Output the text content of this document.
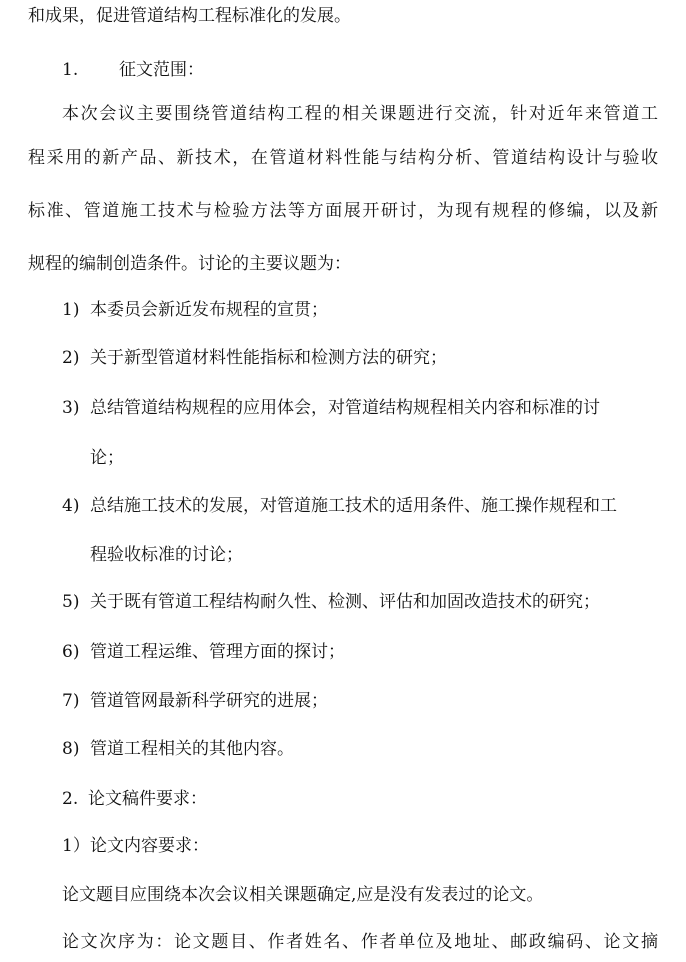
和成果，促进管道结构工程标准化的发展。
1. 征文范围：
本次会议主要围绕管道结构工程的相关课题进行交流，针对近年来管道工
程采用的新产品、新技术，在管道材料性能与结构分析、管道结构设计与验收
标准、管道施工技术与检验方法等方面展开研讨，为现有规程的修编，以及新
规程的编制创造条件。讨论的主要议题为：
1) 本委员会新近发布规程的宣贯；
2) 关于新型管道材料性能指标和检测方法的研究；
3) 总结管道结构规程的应用体会，对管道结构规程相关内容和标准的讨
论；
4) 总结施工技术的发展，对管道施工技术的适用条件、施工操作规程和工
程验收标准的讨论；
5) 关于既有管道工程结构耐久性、检测、评估和加固改造技术的研究；
6) 管道工程运维、管理方面的探讨；
7) 管道管网最新科学研究的进展；
8) 管道工程相关的其他内容。
2. 论文稿件要求：
1）论文内容要求：
论文题目应围绕本次会议相关课题确定,应是没有发表过的论文。
论文次序为：论文题目、作者姓名、作者单位及地址、邮政编码、论文摘
